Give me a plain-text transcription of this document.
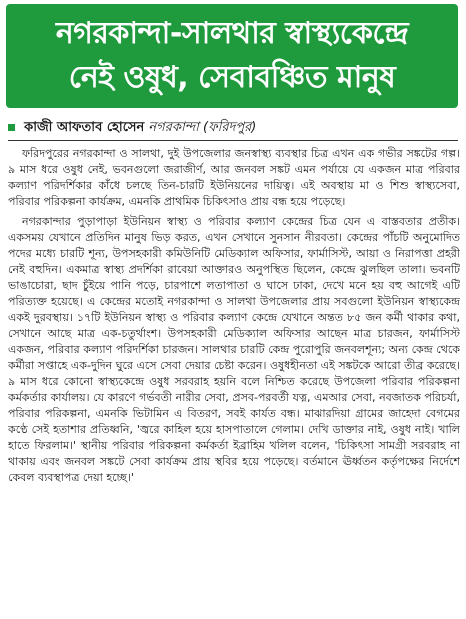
নগরকান্দা-সালথার স্বাস্থ্যকেন্দ্রে
নেই ওষুধ, সেবাবঞ্চিত মানুষ
কাজী আফতাব হোসেন নগরকান্দা (ফরিদপুর)

ফরিদপুরের নগরকান্দা ও সালথা, দুই উপজেলার জনস্বাস্থ্য ব্যবস্থার চিত্র এখন এক গভীর সঙ্কটের গল্প। ৯ মাস ধরে ওষুধ নেই, ভবনগুলো জরাজীর্ণ, আর জনবল সঙ্কট এমন পর্যায়ে যে একজন মাত্র পরিবার কল্যাণ পরিদর্শিকার কাঁধে চলছে তিন-চারটি ইউনিয়নের দায়িত্ব। এই অবস্থায় মা ও শিশু স্বাস্থ্যসেবা, পরিবার পরিকল্পনা কার্যক্রম, এমনকি প্রাথমিক চিকিৎসাও প্রায় বন্ধ হয়ে পড়েছে।

নগরকান্দার পুড়াপাড়া ইউনিয়ন স্বাস্থ্য ও পরিবার কল্যাণ কেন্দ্রের চিত্র যেন এ বাস্তবতার প্রতীক। একসময় যেখানে প্রতিদিন মানুষ ভিড় করত, এখন সেখানে সুনসান নীরবতা। কেন্দ্রের পাঁচটি অনুমোদিত পদের মধ্যে চারটি শূন্য, উপসহকারী কমিউনিটি মেডিক্যাল অফিসার, ফার্মাসিস্ট, আয়া ও নিরাপত্তা প্রহরী নেই বহুদিন। একমাত্র স্বাস্থ্য প্রদর্শিকা রাবেয়া আক্তারও অনুপস্থিত ছিলেন, কেন্দ্রে ঝুলছিল তালা। ভবনটি ভাঙাচোরা, ছাদ চুঁইয়ে পানি পড়ে, চারপাশে লতাপাতা ও ঘাসে ঢাকা, দেখে মনে হয় বহু আগেই এটি পরিত্যক্ত হয়েছে। এ কেন্দ্রের মতোই নগরকান্দা ও সালথা উপজেলার প্রায় সবগুলো ইউনিয়ন স্বাস্থ্যকেন্দ্র একই দুরবস্থায়। ১৭টি ইউনিয়ন স্বাস্থ্য ও পরিবার কল্যাণ কেন্দ্রে যেখানে অন্তত ৮৫ জন কর্মী থাকার কথা, সেখানে আছে মাত্র এক-চতুর্থাংশ। উপসহকারী মেডিক্যাল অফিসার আছেন মাত্র চারজন, ফার্মাসিস্ট একজন, পরিবার কল্যাণ পরিদর্শিকা চারজন। সালথার চারটি কেন্দ্র পুরোপুরি জনবলশূন্য; অন্য কেন্দ্র থেকে কর্মীরা সপ্তাহে এক-দুদিন ঘুরে এসে সেবা দেয়ার চেষ্টা করেন। ওষুধহীনতা এই সঙ্কটকে আরো তীব্র করেছে। ৯ মাস ধরে কোনো স্বাস্থ্যকেন্দ্রে ওষুধ সরবরাহ হয়নি বলে নিশ্চিত করেছে উপজেলা পরিবার পরিকল্পনা কর্মকর্তার কার্যালয়। যে কারণে গর্ভবতী নারীর সেবা, প্রসব-পরবর্তী যত্ন, এমআর সেবা, নবজাতক পরিচর্যা, পরিবার পরিকল্পনা, এমনকি ভিটামিন এ বিতরণ, সবই কার্যত বন্ধ। মাঝারদিয়া গ্রামের জাহেদা বেগমের কণ্ঠে সেই হতাশার প্রতিধ্বনি, 'জ্বরে কাহিল হয়ে হাসপাতালে গেলাম। দেখি ডাক্তার নাই, ওষুধ নাই। খালি হাতে ফিরলাম।' স্থানীয় পরিবার পরিকল্পনা কর্মকর্তা ইব্রাহিম খলিল বলেন, 'চিকিৎসা সামগ্রী সরবরাহ না থাকায় এবং জনবল সঙ্কটে সেবা কার্যক্রম প্রায় স্থবির হয়ে পড়েছে। বর্তমানে ঊর্ধ্বতন কর্তৃপক্ষের নির্দেশে কেবল ব্যবস্থাপত্র দেয়া হচ্ছে।'
